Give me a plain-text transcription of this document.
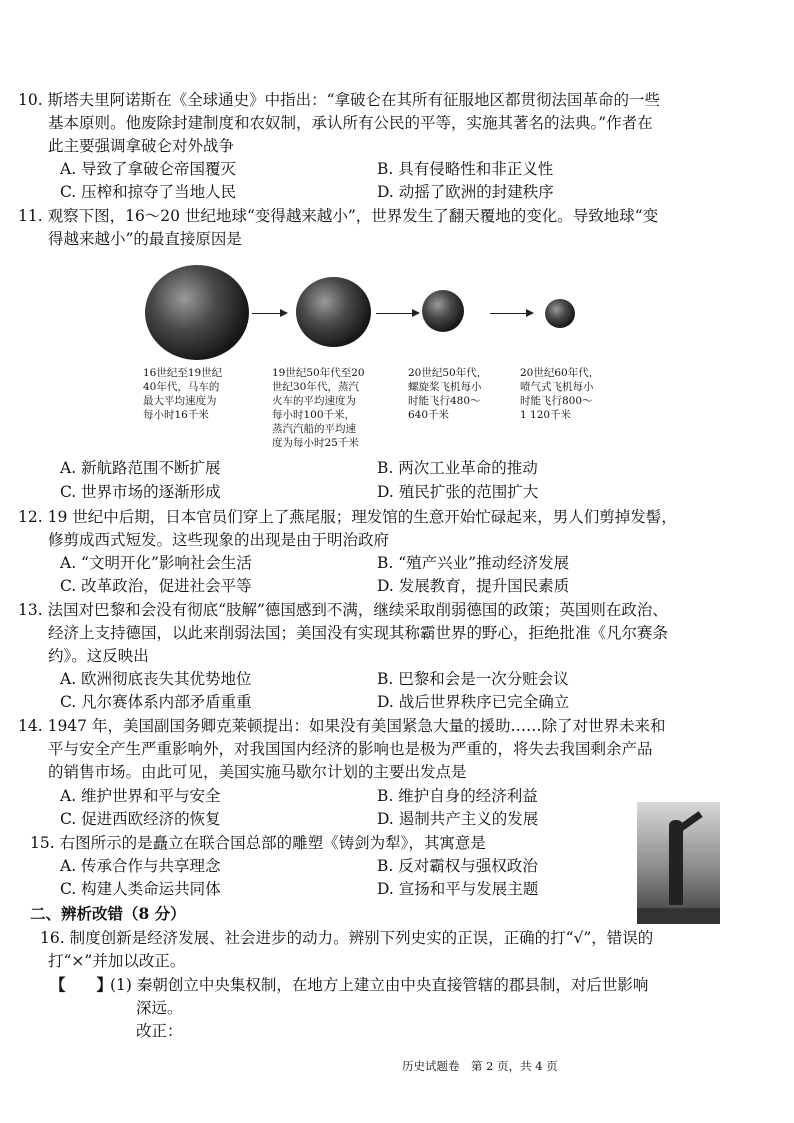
10. 斯塔夫里阿诺斯在《全球通史》中指出：“拿破仑在其所有征服地区都贯彻法国革命的一些
基本原则。他废除封建制度和农奴制，承认所有公民的平等，实施其著名的法典。”作者在
此主要强调拿破仑对外战争
A. 导致了拿破仑帝国覆灭	B. 具有侵略性和非正义性
C. 压榨和掠夺了当地人民	D. 动摇了欧洲的封建秩序
11. 观察下图，16～20 世纪地球“变得越来越小”，世界发生了翻天覆地的变化。导致地球“变
得越来越小”的最直接原因是
16世纪至19世纪
40年代，马车的
最大平均速度为
每小时16千米
19世纪50年代至20
世纪30年代，蒸汽
火车的平均速度为
每小时100千米，
蒸汽汽船的平均速
度为每小时25千米
20世纪50年代，
螺旋桨飞机每小
时能飞行480～
640千米
20世纪60年代，
喷气式飞机每小
时能飞行800～
1 120千米
A. 新航路范围不断扩展	B. 两次工业革命的推动
C. 世界市场的逐渐形成	D. 殖民扩张的范围扩大
12. 19 世纪中后期，日本官员们穿上了燕尾服；理发馆的生意开始忙碌起来，男人们剪掉发髻，
修剪成西式短发。这些现象的出现是由于明治政府
A. “文明开化”影响社会生活	B. “殖产兴业”推动经济发展
C. 改革政治，促进社会平等	D. 发展教育，提升国民素质
13. 法国对巴黎和会没有彻底“肢解”德国感到不满，继续采取削弱德国的政策；英国则在政治、
经济上支持德国，以此来削弱法国；美国没有实现其称霸世界的野心，拒绝批准《凡尔赛条
约》。这反映出
A. 欧洲彻底丧失其优势地位	B. 巴黎和会是一次分赃会议
C. 凡尔赛体系内部矛盾重重	D. 战后世界秩序已完全确立
14. 1947 年，美国副国务卿克莱顿提出：如果没有美国紧急大量的援助……除了对世界未来和
平与安全产生严重影响外，对我国国内经济的影响也是极为严重的，将失去我国剩余产品
的销售市场。由此可见，美国实施马歇尔计划的主要出发点是
A. 维护世界和平与安全	B. 维护自身的经济利益
C. 促进西欧经济的恢复	D. 遏制共产主义的发展
15. 右图所示的是矗立在联合国总部的雕塑《铸剑为犁》，其寓意是
A. 传承合作与共享理念	B. 反对霸权与强权政治
C. 构建人类命运共同体	D. 宣扬和平与发展主题
二、辨析改错（8 分）
16. 制度创新是经济发展、社会进步的动力。辨别下列史实的正误，正确的打“√”，错误的
打“×”并加以改正。
【　　】
(1) 秦朝创立中央集权制，在地方上建立由中央直接管辖的郡县制，对后世影响
深远。
改正：
历史试题卷　第 2 页，共 4 页
